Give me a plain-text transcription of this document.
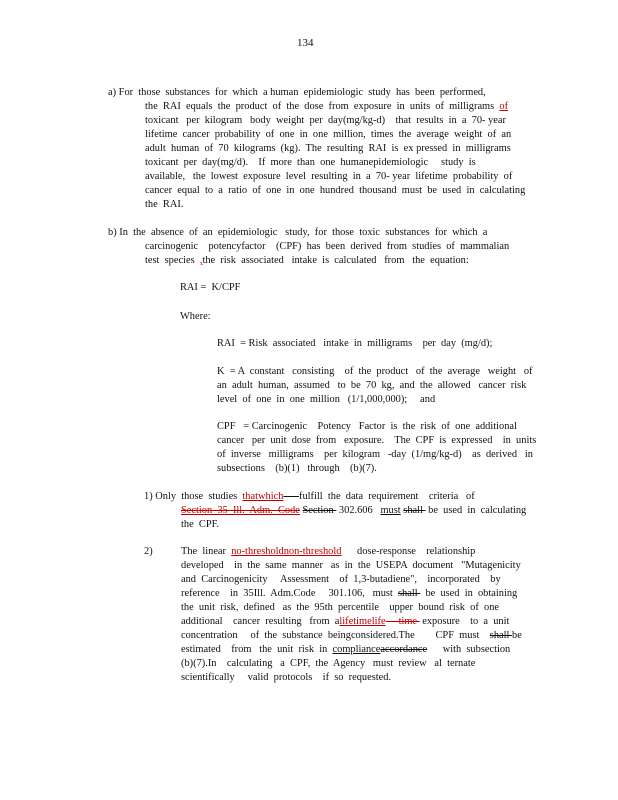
134
a) For  those  substances  for  which  a human  epidemiologic  study  has  been  performed,
the  RAI  equals  the  product  of  the  dose  from  exposure  in  units  of  milligrams  of
toxicant   per  kilogram   body  weight  per  day(mg/kg-d)    that  results  in  a  70- year
lifetime  cancer  probability  of  one  in  one  million,  times  the  average  weight  of  an
adult  human  of  70  kilograms  (kg).  The  resulting  RAI  is  ex pressed  in  milligrams
toxicant  per  day(mg/d).    If  more  than  one  humanepidemiologic     study  is
available,   the  lowest  exposure  level  resulting  in  a  70- year  lifetime  probability  of
cancer  equal  to  a  ratio  of  one  in  one  hundred  thousand  must  be  used  in  calculating
the  RAI.
b) In  the  absence  of  an  epidemiologic   study,  for  those  toxic  substances  for  which  a
carcinogenic    potencyfactor    (CPF)  has  been  derived  from  studies  of  mammalian
test  species  ,the  risk  associated   intake  is  calculated   from   the  equation:
RAI =  K/CPF
Where:
RAI  = Risk  associated   intake  in  milligrams    per  day  (mg/d);
K  = A  constant   consisting    of  the  product   of  the  average   weight   of
an  adult  human,  assumed   to  be  70  kg,  and  the  allowed   cancer  risk
level  of  one  in  one  million   (1/1,000,000);     and
CPF   = Carcinogenic    Potency   Factor  is  the  risk  of  one  additional
cancer   per  unit  dose  from   exposure.    The  CPF  is  expressed    in  units
of  inverse   milligrams    per  kilogram   -day  (1/mg/kg-d)    as  derived   in
subsections    (b)(1)   through    (b)(7).
1) Only  those  studies  thatwhich fulfill  the  data  requirement    criteria   of
Section  35  Ill.  Adm.  Code Section  302.606   must shall  be  used  in  calculating
the  CPF.
2)	The  linear  no-thresholdnon-threshold      dose-response    relationship
developed    in  the  same  manner   as  in  the  USEPA  document   "Mutagenicity
and  Carcinogenicity     Assessment    of  1,3-butadiene",    incorporated    by
reference    in  35Ill.  Adm.Code     301.106,   must  shall   be  used  in  obtaining
the  unit  risk,  defined   as  the  95th  percentile    upper  bound  risk  of  one
additional    cancer  resulting   from  alifetimelife     time  exposure    to  a  unit
concentration     of  the  substance  beingconsidered.The        CPF  must    shall be
estimated    from   the  unit  risk  in  complianceaccordance      with  subsection
(b)(7).In    calculating   a  CPF,  the  Agency   must  review   al  ternate
scientifically     valid  protocols    if  so  requested.
